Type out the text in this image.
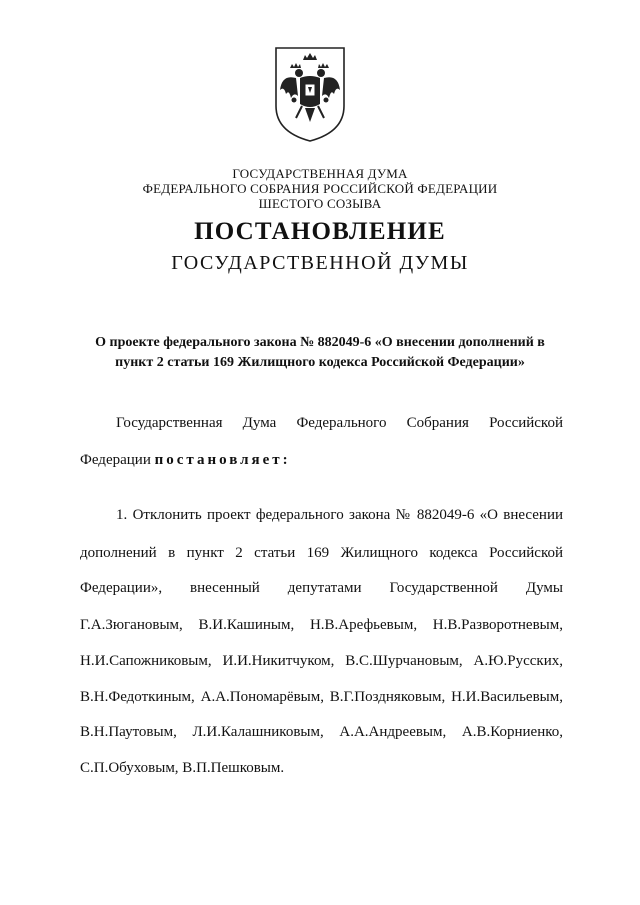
ГОСУДАРСТВЕННАЯ ДУМА
ФЕДЕРАЛЬНОГО СОБРАНИЯ РОССИЙСКОЙ ФЕДЕРАЦИИ
ШЕСТОГО СОЗЫВА
ПОСТАНОВЛЕНИЕ
ГОСУДАРСТВЕННОЙ ДУМЫ
О проекте федерального закона № 882049-6 «О внесении дополнений в
пункт 2 статьи 169 Жилищного кодекса Российской Федерации»
Государственная Дума Федерального Собрания Российской
Федерации постановляет:
1. Отклонить проект федерального закона № 882049-6 «О внесении
дополнений в пункт 2 статьи 169 Жилищного кодекса Российской
Федерации», внесенный депутатами Государственной Думы
Г.А.Зюгановым, В.И.Кашиным, Н.В.Арефьевым, Н.В.Разворотневым,
Н.И.Сапожниковым, И.И.Никитчуком, В.С.Шурчановым, А.Ю.Русских,
В.Н.Федоткиным, А.А.Пономарёвым, В.Г.Поздняковым, Н.И.Васильевым,
В.Н.Паутовым, Л.И.Калашниковым, А.А.Андреевым, А.В.Корниенко,
С.П.Обуховым, В.П.Пешковым.
